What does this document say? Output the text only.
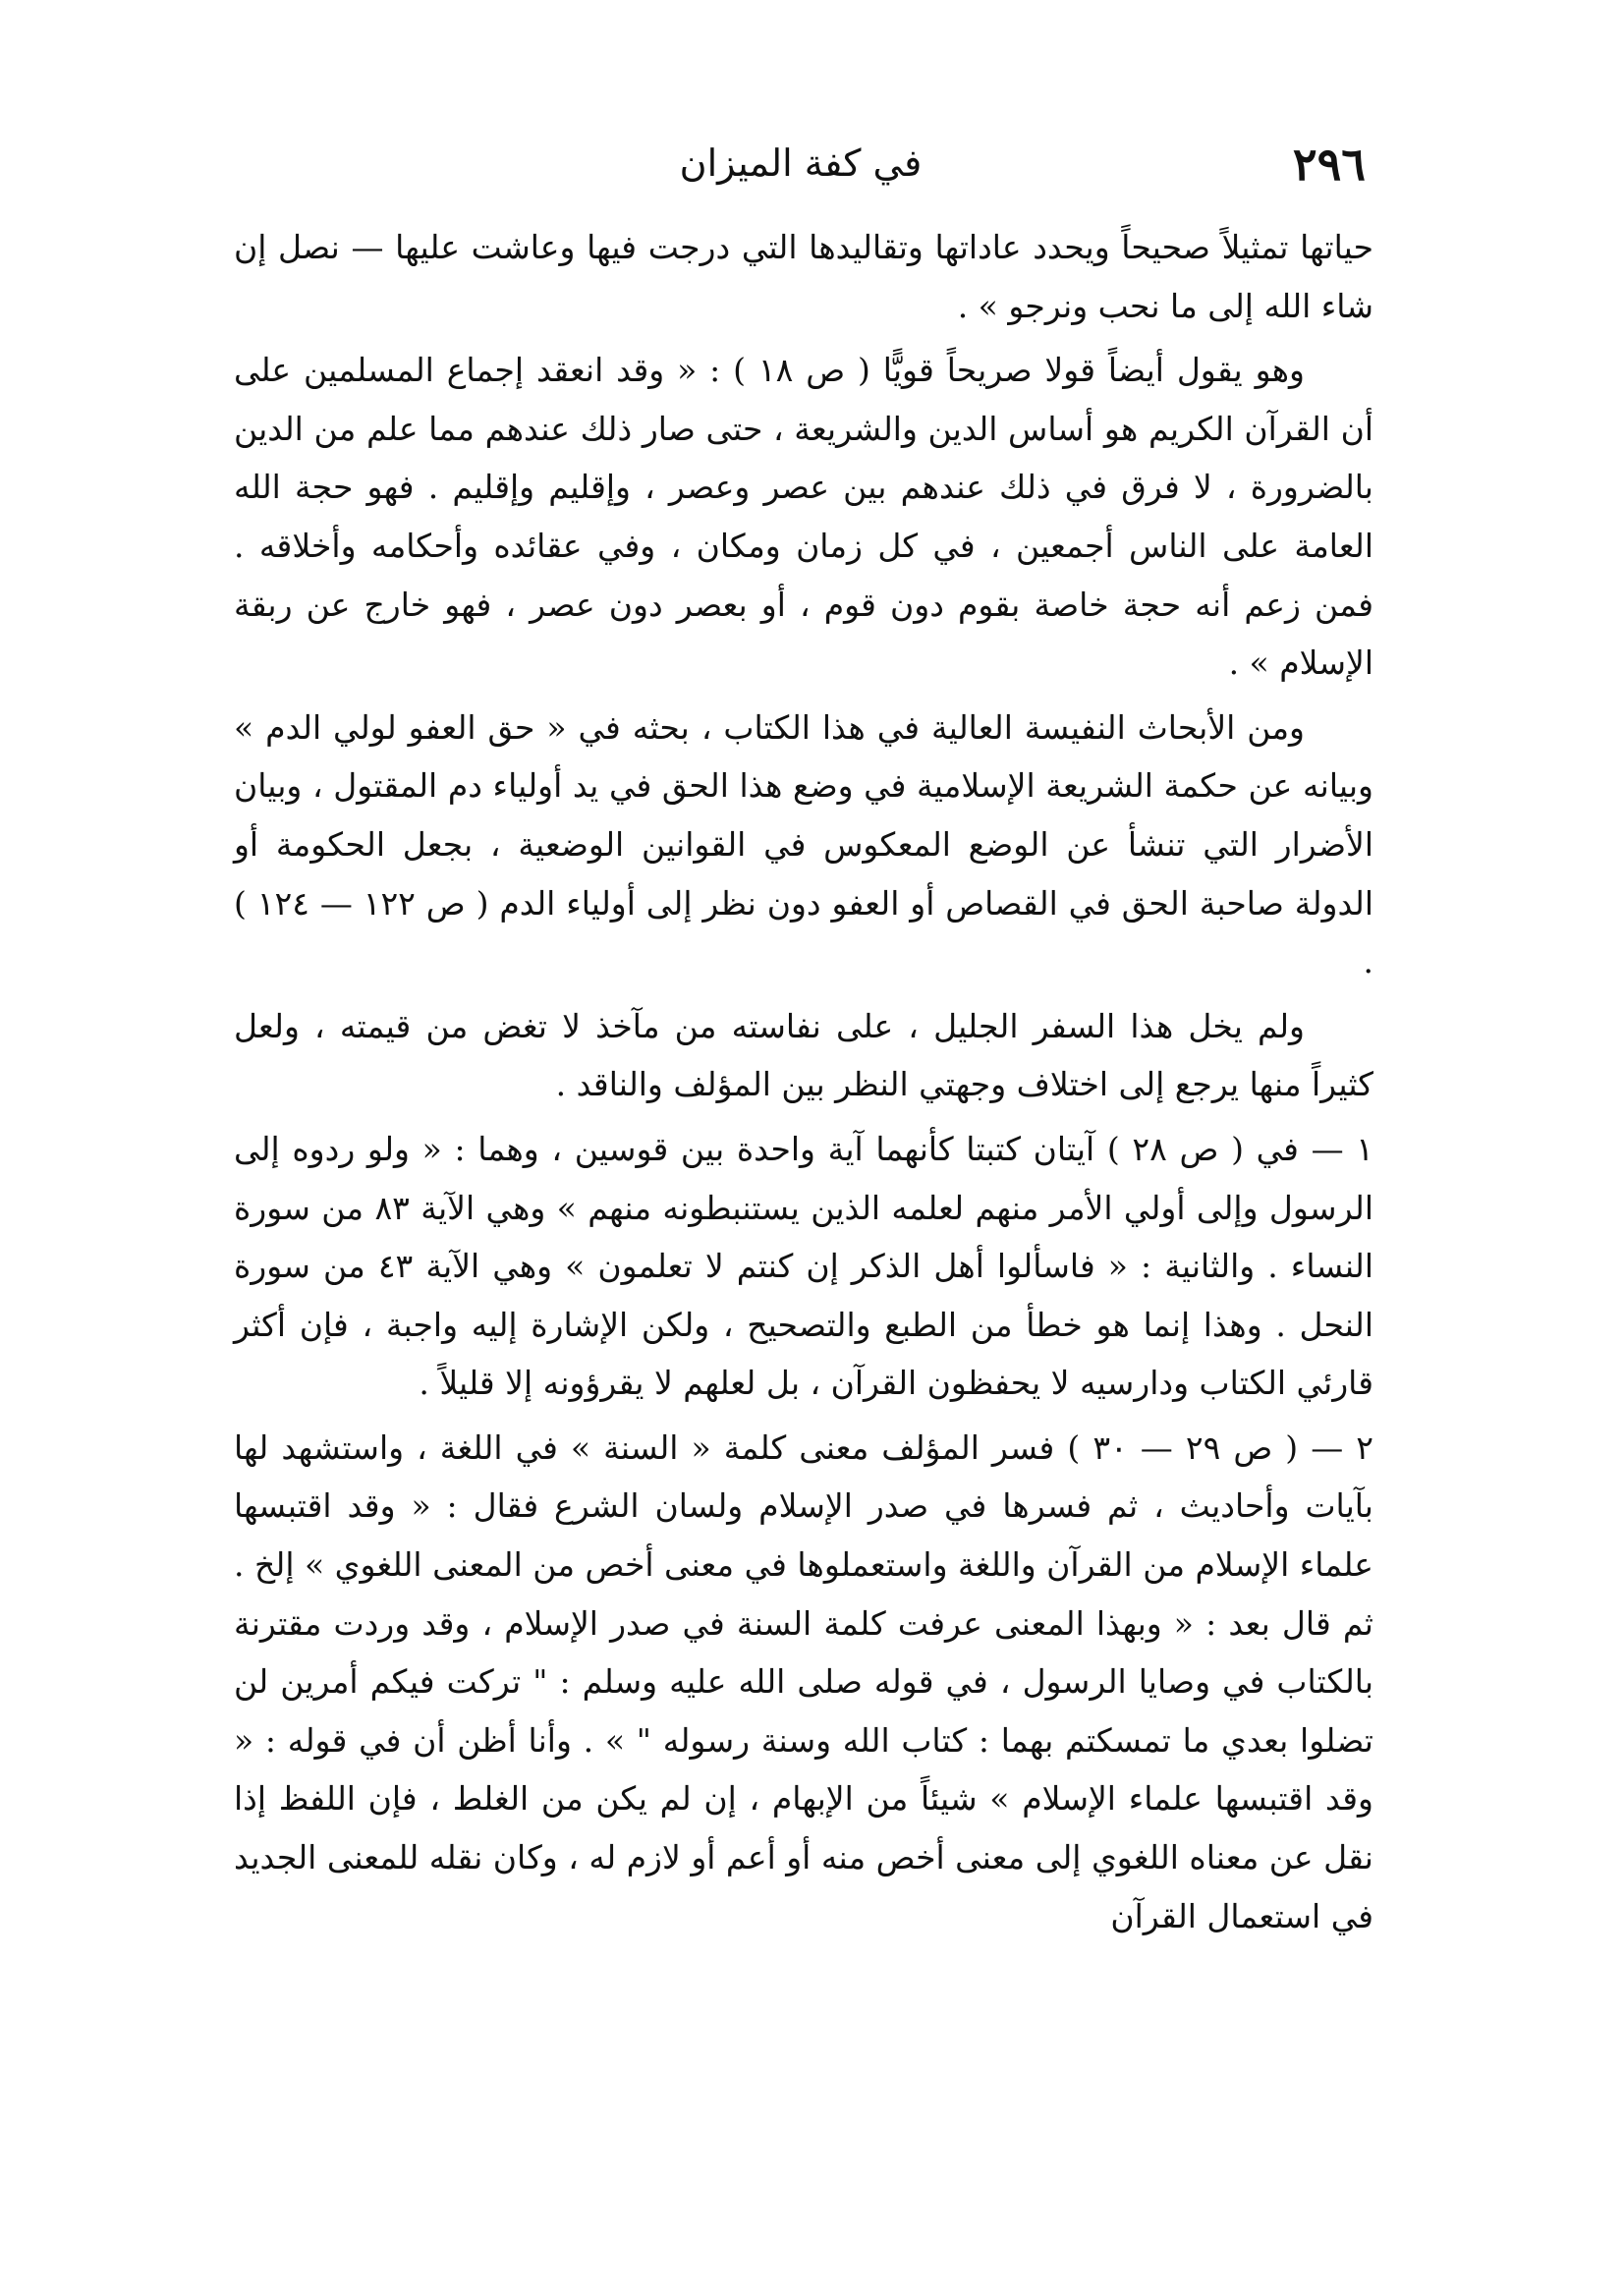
٢٩٦
في كفة الميزان

حياتها تمثيلاً صحيحاً ويحدد عاداتها وتقاليدها التي درجت فيها وعاشت عليها — نصل إن شاء الله إلى ما نحب ونرجو » .

وهو يقول أيضاً قولا صريحاً قويًّا ( ص ١٨ ) : « وقد انعقد إجماع المسلمين على أن القرآن الكريم هو أساس الدين والشريعة ، حتى صار ذلك عندهم مما علم من الدين بالضرورة ، لا فرق في ذلك عندهم بين عصر وعصر ، وإقليم وإقليم . فهو حجة الله العامة على الناس أجمعين ، في كل زمان ومكان ، وفي عقائده وأحكامه وأخلاقه . فمن زعم أنه حجة خاصة بقوم دون قوم ، أو بعصر دون عصر ، فهو خارج عن ربقة الإسلام » .

ومن الأبحاث النفيسة العالية في هذا الكتاب ، بحثه في « حق العفو لولي الدم » وبيانه عن حكمة الشريعة الإسلامية في وضع هذا الحق في يد أولياء دم المقتول ، وبيان الأضرار التي تنشأ عن الوضع المعكوس في القوانين الوضعية ، بجعل الحكومة أو الدولة صاحبة الحق في القصاص أو العفو دون نظر إلى أولياء الدم ( ص ١٢٢ — ١٢٤ ) .

ولم يخل هذا السفر الجليل ، على نفاسته من مآخذ لا تغض من قيمته ، ولعل كثيراً منها يرجع إلى اختلاف وجهتي النظر بين المؤلف والناقد .

١ — في ( ص ٢٨ ) آيتان كتبتا كأنهما آية واحدة بين قوسين ، وهما : « ولو ردوه إلى الرسول وإلى أولي الأمر منهم لعلمه الذين يستنبطونه منهم » وهي الآية ٨٣ من سورة النساء . والثانية : « فاسألوا أهل الذكر إن كنتم لا تعلمون » وهي الآية ٤٣ من سورة النحل . وهذا إنما هو خطأ من الطبع والتصحيح ، ولكن الإشارة إليه واجبة ، فإن أكثر قارئي الكتاب ودارسيه لا يحفظون القرآن ، بل لعلهم لا يقرؤونه إلا قليلاً .

٢ — ( ص ٢٩ — ٣٠ ) فسر المؤلف معنى كلمة « السنة » في اللغة ، واستشهد لها بآيات وأحاديث ، ثم فسرها في صدر الإسلام ولسان الشرع فقال : « وقد اقتبسها علماء الإسلام من القرآن واللغة واستعملوها في معنى أخص من المعنى اللغوي » إلخ . ثم قال بعد : « وبهذا المعنى عرفت كلمة السنة في صدر الإسلام ، وقد وردت مقترنة بالكتاب في وصايا الرسول ، في قوله صلى الله عليه وسلم : " تركت فيكم أمرين لن تضلوا بعدي ما تمسكتم بهما : كتاب الله وسنة رسوله " » . وأنا أظن أن في قوله : « وقد اقتبسها علماء الإسلام » شيئاً من الإبهام ، إن لم يكن من الغلط ، فإن اللفظ إذا نقل عن معناه اللغوي إلى معنى أخص منه أو أعم أو لازم له ، وكان نقله للمعنى الجديد في استعمال القرآن
